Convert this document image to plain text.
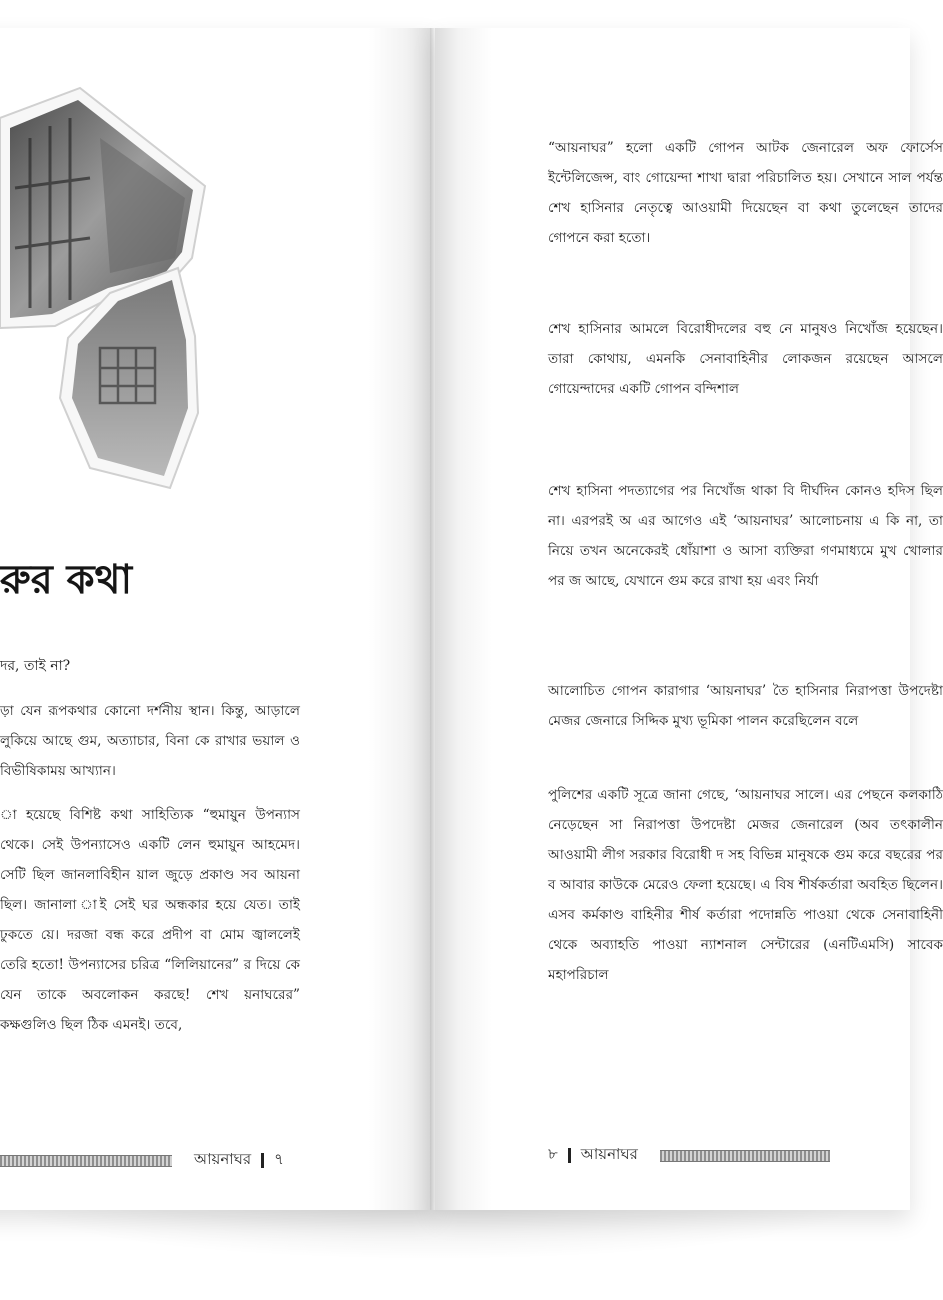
রুর কথা
দর, তাই না?
ড়া যেন রূপকথার কোনো দর্শনীয় স্থান। কিন্তু, আড়ালে লুকিয়ে আছে গুম, অত্যাচার, বিনা কে রাখার ভয়াল ও বিভীষিকাময় আখ্যান।
া হয়েছে বিশিষ্ট কথা সাহিত্যিক “হুমায়ুন উপন্যাস থেকে। সেই উপন্যাসেও একটি লেন হুমায়ুন আহমেদ। সেটি ছিল জানলাবিহীন য়াল জুড়ে প্রকাণ্ড সব আয়না ছিল। জানালা াই সেই ঘর অন্ধকার হয়ে যেত। তাই ঢুকতে য়ে। দরজা বন্ধ করে প্রদীপ বা মোম জ্বাললেই তেরি হতো! উপন্যাসের চরিত্র “লিলিয়ানের” র দিয়ে কে যেন তাকে অবলোকন করছে! শেখ য়নাঘরের” কক্ষগুলিও ছিল ঠিক এমনই। তবে,
আয়নাঘর ৭
“আয়নাঘর” হলো একটি গোপন আটক জেনারেল অফ ফোর্সেস ইন্টেলিজেন্স, বাং গোয়েন্দা শাখা দ্বারা পরিচালিত হয়। সেখানে সাল পর্যন্ত শেখ হাসিনার নেতৃত্বে আওয়ামী দিয়েছেন বা কথা তুলেছেন তাদের গোপনে করা হতো।
শেখ হাসিনার আমলে বিরোধীদলের বহু নে মানুষও নিখোঁজ হয়েছেন। তারা কোথায়, এমনকি সেনাবাহিনীর লোকজন রয়েছেন আসলে গোয়েন্দাদের একটি গোপন বন্দিশাল
শেখ হাসিনা পদত্যাগের পর নিখোঁজ থাকা বি দীর্ঘদিন কোনও হদিস ছিল না। এরপরই অ এর আগেও এই ‘আয়নাঘর’ আলোচনায় এ কি না, তা নিয়ে তখন অনেকেরই ধোঁয়াশা ও আসা ব্যক্তিরা গণমাধ্যমে মুখ খোলার পর জ আছে, যেখানে গুম করে রাখা হয় এবং নির্যা
আলোচিত গোপন কারাগার ‘আয়নাঘর’ তৈ হাসিনার নিরাপত্তা উপদেষ্টা মেজর জেনারে সিদ্দিক মুখ্য ভূমিকা পালন করেছিলেন বলে
পুলিশের একটি সূত্রে জানা গেছে, ‘আয়নাঘর সালে। এর পেছনে কলকাঠি নেড়েছেন সা নিরাপত্তা উপদেষ্টা মেজর জেনারেল (অব তৎকালীন আওয়ামী লীগ সরকার বিরোধী দ সহ বিভিন্ন মানুষকে গুম করে বছরের পর ব আবার কাউকে মেরেও ফেলা হয়েছে। এ বিষ শীর্ষকর্তারা অবহিত ছিলেন। এসব কর্মকাণ্ড বাহিনীর শীর্ষ কর্তারা পদোন্নতি পাওয়া থেকে সেনাবাহিনী থেকে অব্যাহতি পাওয়া ন্যাশনাল সেন্টারের (এনটিএমসি) সাবেক মহাপরিচাল
৮ আয়নাঘর
